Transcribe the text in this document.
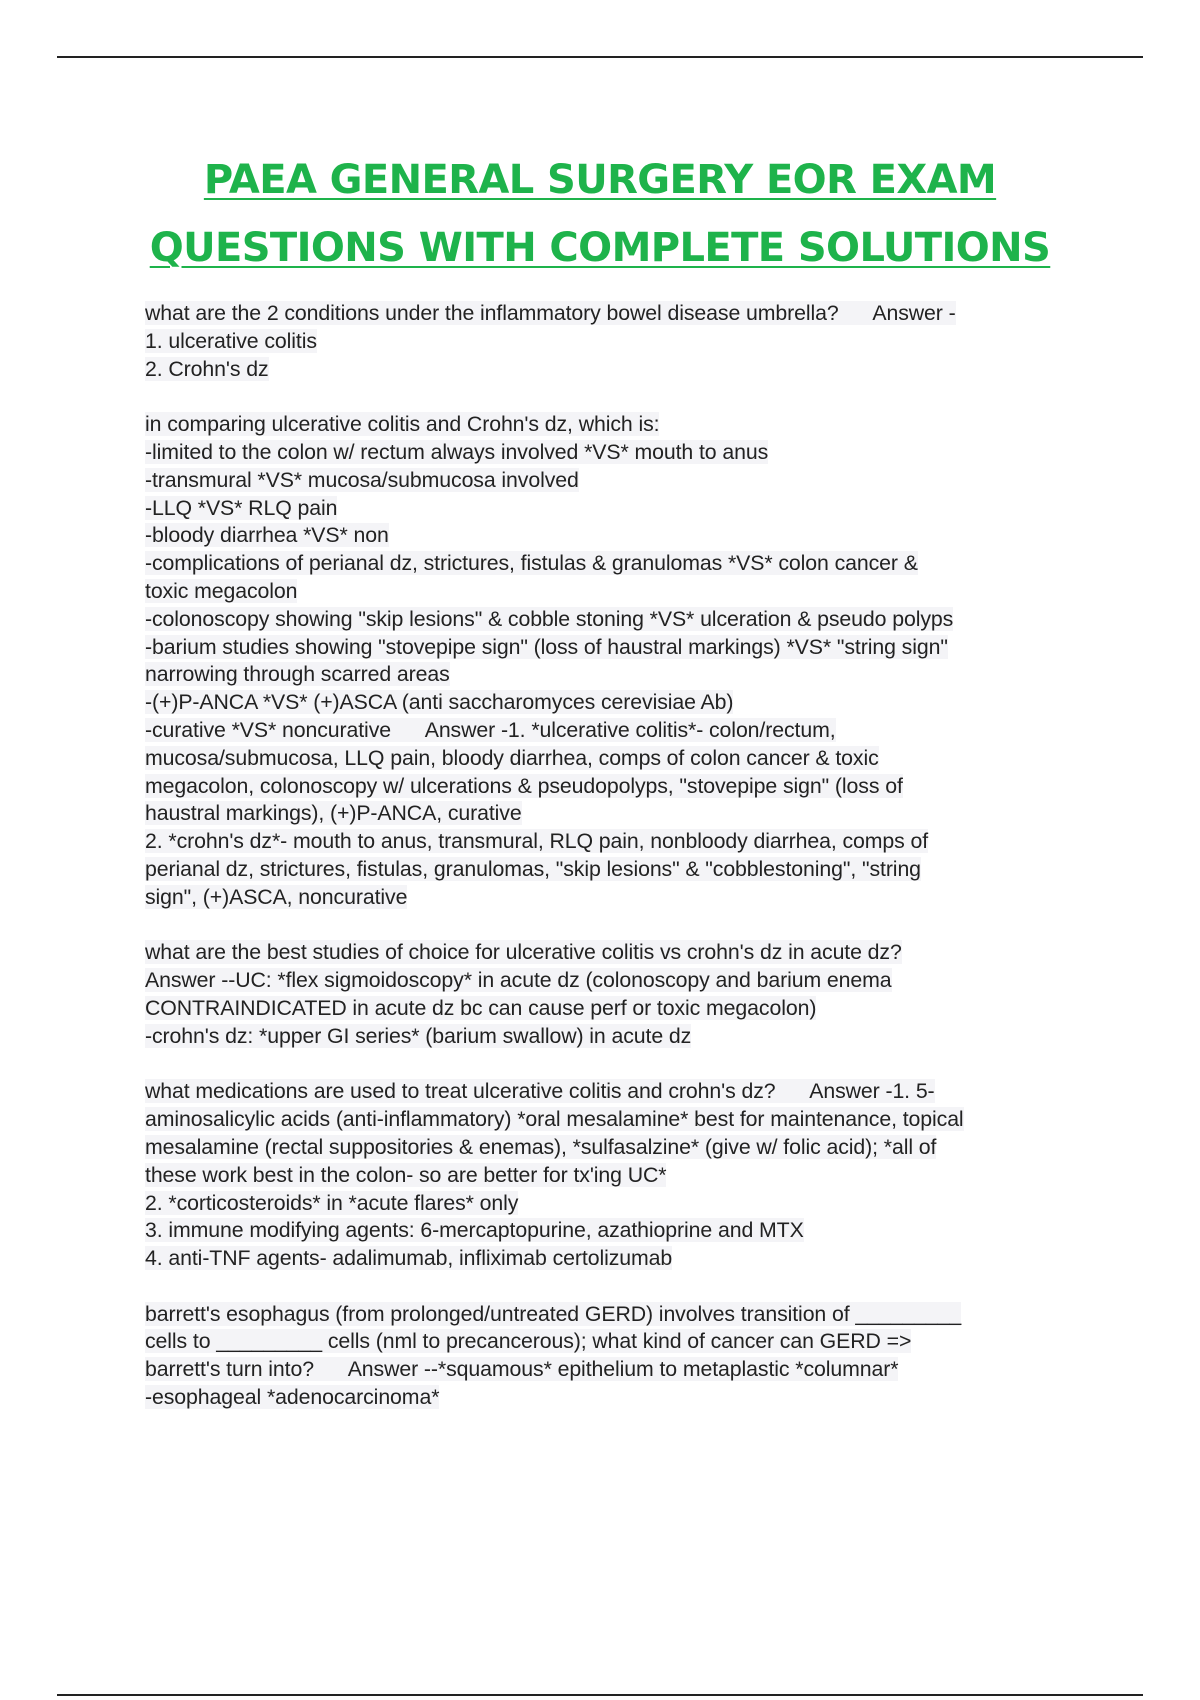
PAEA GENERAL SURGERY EOR EXAM
QUESTIONS WITH COMPLETE SOLUTIONS
what are the 2 conditions under the inflammatory bowel disease umbrella?      Answer -
1. ulcerative colitis
2. Crohn's dz
in comparing ulcerative colitis and Crohn's dz, which is:
-limited to the colon w/ rectum always involved *VS* mouth to anus
-transmural *VS* mucosa/submucosa involved
-LLQ *VS* RLQ pain
-bloody diarrhea *VS* non
-complications of perianal dz, strictures, fistulas & granulomas *VS* colon cancer &
toxic megacolon
-colonoscopy showing "skip lesions" & cobble stoning *VS* ulceration & pseudo polyps
-barium studies showing "stovepipe sign" (loss of haustral markings) *VS* "string sign"
narrowing through scarred areas
-(+)P-ANCA *VS* (+)ASCA (anti saccharomyces cerevisiae Ab)
-curative *VS* noncurative      Answer -1. *ulcerative colitis*- colon/rectum,
mucosa/submucosa, LLQ pain, bloody diarrhea, comps of colon cancer & toxic
megacolon, colonoscopy w/ ulcerations & pseudopolyps, "stovepipe sign" (loss of
haustral markings), (+)P-ANCA, curative
2. *crohn's dz*- mouth to anus, transmural, RLQ pain, nonbloody diarrhea, comps of
perianal dz, strictures, fistulas, granulomas, "skip lesions" & "cobblestoning", "string
sign", (+)ASCA, noncurative
what are the best studies of choice for ulcerative colitis vs crohn's dz in acute dz?
Answer --UC: *flex sigmoidoscopy* in acute dz (colonoscopy and barium enema
CONTRAINDICATED in acute dz bc can cause perf or toxic megacolon)
-crohn's dz: *upper GI series* (barium swallow) in acute dz
what medications are used to treat ulcerative colitis and crohn's dz?      Answer -1. 5-
aminosalicylic acids (anti-inflammatory) *oral mesalamine* best for maintenance, topical
mesalamine (rectal suppositories & enemas), *sulfasalzine* (give w/ folic acid); *all of
these work best in the colon- so are better for tx'ing UC*
2. *corticosteroids* in *acute flares* only
3. immune modifying agents: 6-mercaptopurine, azathioprine and MTX
4. anti-TNF agents- adalimumab, infliximab certolizumab
barrett's esophagus (from prolonged/untreated GERD) involves transition of _________
cells to _________ cells (nml to precancerous); what kind of cancer can GERD =>
barrett's turn into?      Answer --*squamous* epithelium to metaplastic *columnar*
-esophageal *adenocarcinoma*
